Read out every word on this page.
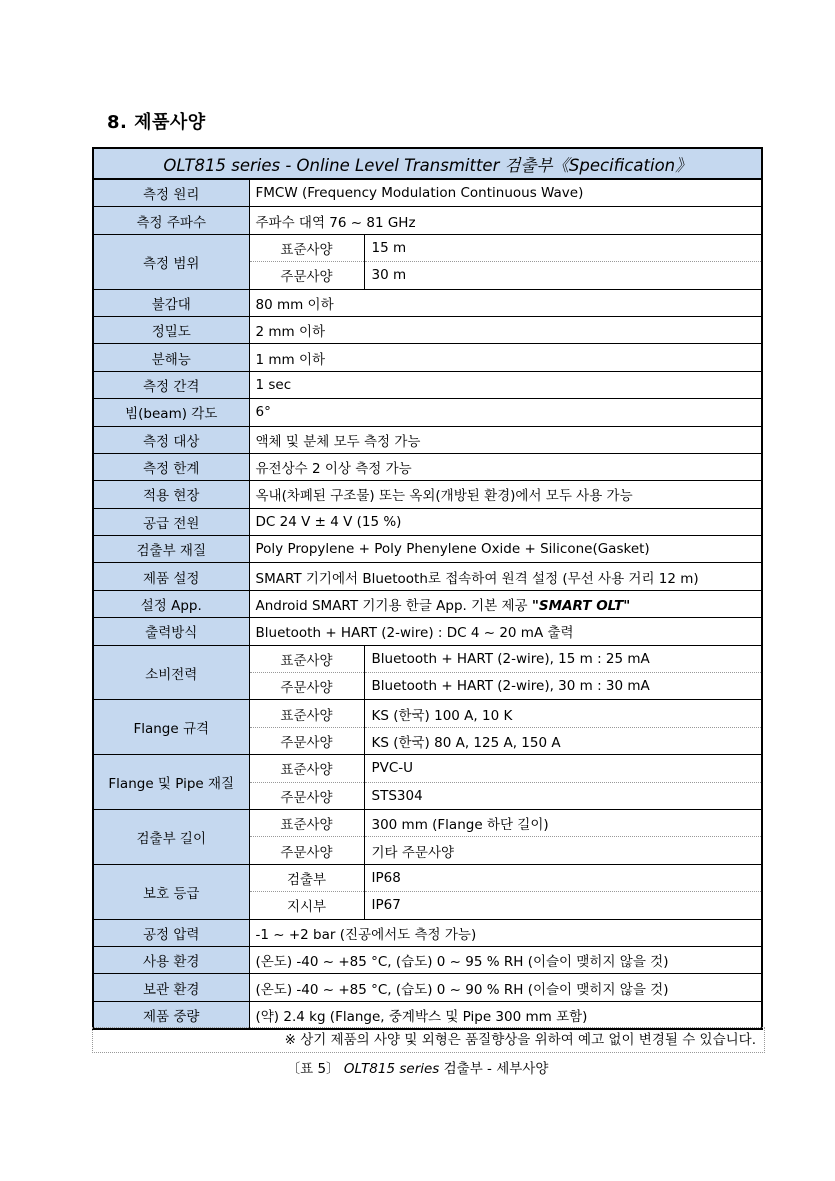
8. 제품사양
OLT815 series - Online Level Transmitter 검출부《Specification》		
측정 원리	FMCW (Frequency Modulation Continuous Wave)	
측정 주파수	주파수 대역 76 ~ 81 GHz	
측정 범위	표준사양	15 m
	주문사양	30 m
불감대	80 mm 이하	
정밀도	2 mm 이하	
분해능	1 mm 이하	
측정 간격	1 sec	
빔(beam) 각도	6°	
측정 대상	액체 및 분체 모두 측정 가능	
측정 한계	유전상수 2 이상 측정 가능	
적용 현장	옥내(차폐된 구조물) 또는 옥외(개방된 환경)에서 모두 사용 가능	
공급 전원	DC 24 V ± 4 V (15 %)	
검출부 재질	Poly Propylene + Poly Phenylene Oxide + Silicone(Gasket)	
제품 설정	SMART 기기에서 Bluetooth로 접속하여 원격 설정 (무선 사용 거리 12 m)	
설정 App.	Android SMART 기기용 한글 App. 기본 제공 "SMART OLT"	
출력방식	Bluetooth + HART (2-wire) : DC 4 ~ 20 mA 출력	
소비전력	표준사양	Bluetooth + HART (2-wire), 15 m : 25 mA
	주문사양	Bluetooth + HART (2-wire), 30 m : 30 mA
Flange 규격	표준사양	KS (한국) 100 A, 10 K
	주문사양	KS (한국) 80 A, 125 A, 150 A
Flange 및 Pipe 재질	표준사양	PVC-U
	주문사양	STS304
검출부 길이	표준사양	300 mm (Flange 하단 길이)
	주문사양	기타 주문사양
보호 등급	검출부	IP68
	지시부	IP67
공정 압력	-1 ~ +2 bar (진공에서도 측정 가능)	
사용 환경	(온도) -40 ~ +85 °C, (습도) 0 ~ 95 % RH (이슬이 맺히지 않을 것)	
보관 환경	(온도) -40 ~ +85 °C, (습도) 0 ~ 90 % RH (이슬이 맺히지 않을 것)	
제품 중량	(약) 2.4 kg (Flange, 중계박스 및 Pipe 300 mm 포함)	
※ 상기 제품의 사양 및 외형은 품질향상을 위하여 예고 없이 변경될 수 있습니다.
〔표 5〕 OLT815 series 검출부 - 세부사양
